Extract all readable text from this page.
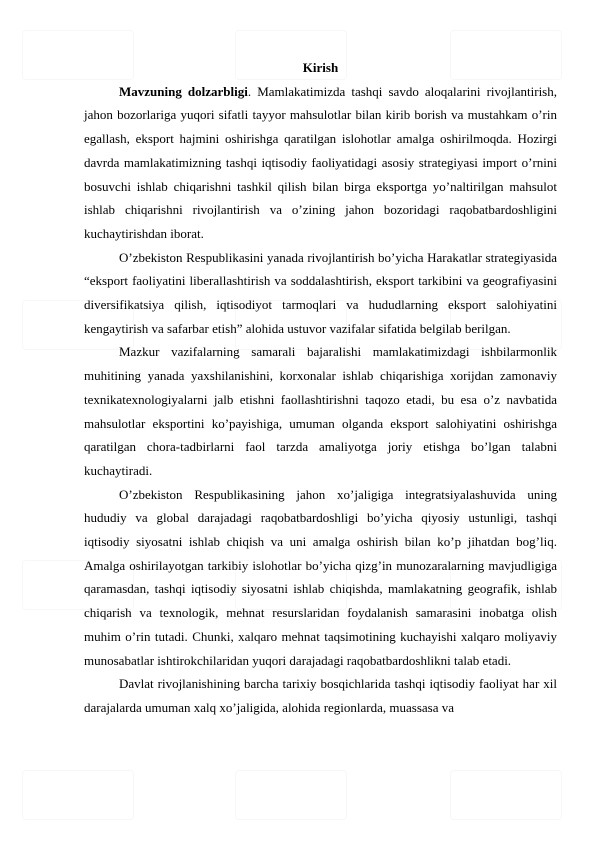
Kirish

Mavzuning dolzarbligi. Mamlakatimizda tashqi savdo aloqalarini rivojlantirish, jahon bozorlariga yuqori sifatli tayyor mahsulotlar bilan kirib borish va mustahkam o’rin egallash, eksport hajmini oshirishga qaratilgan islohotlar amalga oshirilmoqda. Hozirgi davrda mamlakatimizning tashqi iqtisodiy faoliyatidagi asosiy strategiyasi import o’rnini bosuvchi ishlab chiqarishni tashkil qilish bilan birga eksportga yo’naltirilgan mahsulot ishlab chiqarishni rivojlantirish va o’zining jahon bozoridagi raqobatbardoshligini kuchaytirishdan iborat.

O’zbekiston Respublikasini yanada rivojlantirish bo’yicha Harakatlar strategiyasida “eksport faoliyatini liberallashtirish va soddalashtirish, eksport tarkibini va geografiyasini diversifikatsiya qilish, iqtisodiyot tarmoqlari va hududlarning eksport salohiyatini kengaytirish va safarbar etish” alohida ustuvor vazifalar sifatida belgilab berilgan.

Mazkur vazifalarning samarali bajaralishi mamlakatimizdagi ishbilarmonlik muhitining yanada yaxshilanishini, korxonalar ishlab chiqarishiga xorijdan zamonaviy texnikatexnologiyalarni jalb etishni faollashtirishni taqozo etadi, bu esa o’z navbatida mahsulotlar eksportini ko’payishiga, umuman olganda eksport salohiyatini oshirishga qaratilgan chora-tadbirlarni faol tarzda amaliyotga joriy etishga bo’lgan talabni kuchaytiradi.

O’zbekiston Respublikasining jahon xo’jaligiga integratsiyalashuvida uning hududiy va global darajadagi raqobatbardoshligi bo’yicha qiyosiy ustunligi, tashqi iqtisodiy siyosatni ishlab chiqish va uni amalga oshirish bilan ko’p jihatdan bog’liq. Amalga oshirilayotgan tarkibiy islohotlar bo’yicha qizg’in munozaralarning mavjudligiga qaramasdan, tashqi iqtisodiy siyosatni ishlab chiqishda, mamlakatning geografik, ishlab chiqarish va texnologik, mehnat resurslaridan foydalanish samarasini inobatga olish muhim o’rin tutadi. Chunki, xalqaro mehnat taqsimotining kuchayishi xalqaro moliyaviy munosabatlar ishtirokchilaridan yuqori darajadagi raqobatbardoshlikni talab etadi.

Davlat rivojlanishining barcha tarixiy bosqichlarida tashqi iqtisodiy faoliyat har xil darajalarda umuman xalq xo’jaligida, alohida regionlarda, muassasa va
